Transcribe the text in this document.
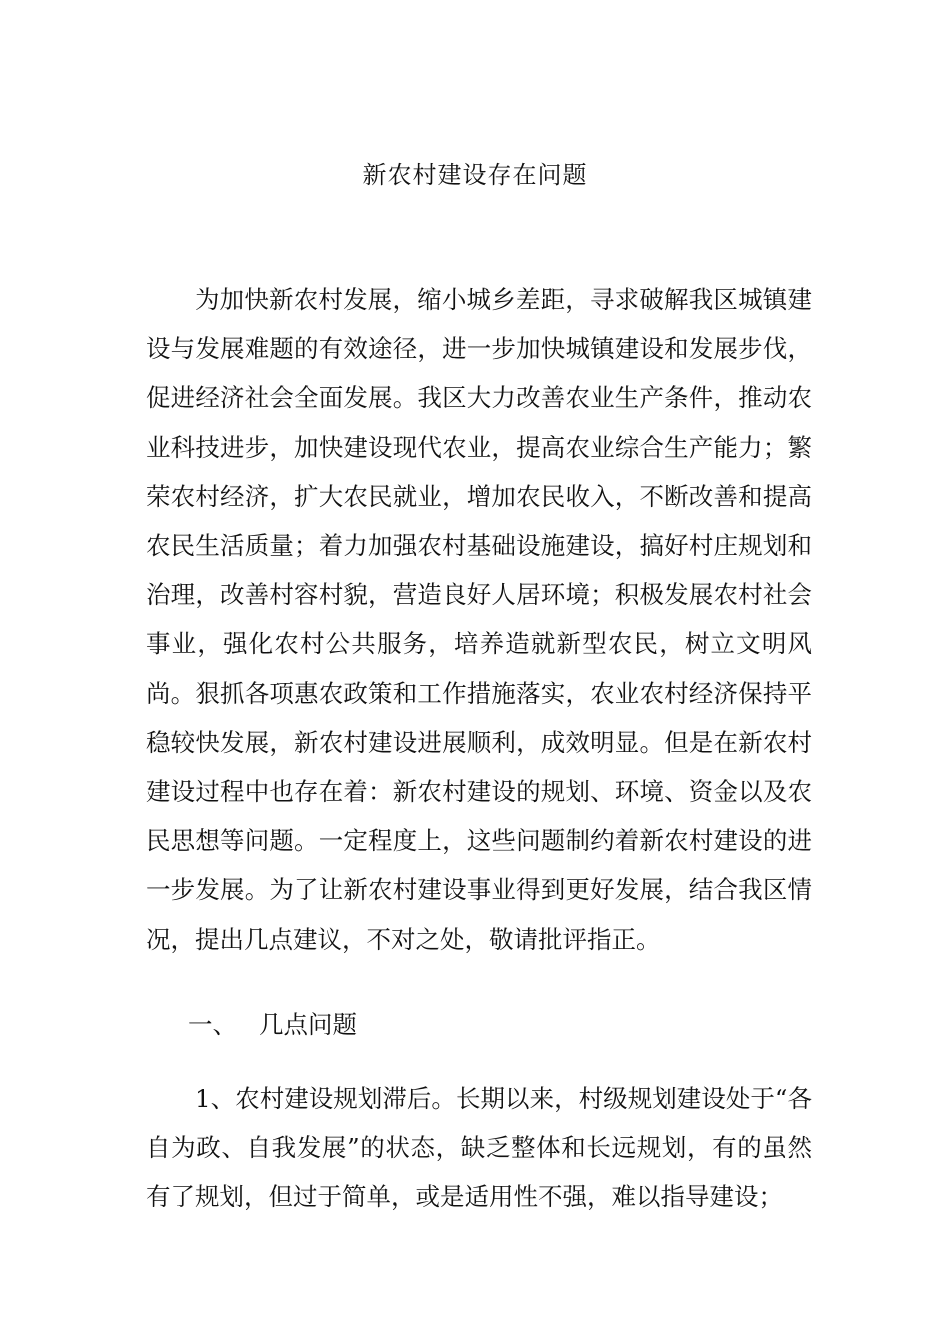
新农村建设存在问题

为加快新农村发展，缩小城乡差距，寻求破解我区城镇建设与发展难题的有效途径，进一步加快城镇建设和发展步伐，促进经济社会全面发展。我区大力改善农业生产条件，推动农业科技进步，加快建设现代农业，提高农业综合生产能力；繁荣农村经济，扩大农民就业，增加农民收入，不断改善和提高农民生活质量；着力加强农村基础设施建设，搞好村庄规划和治理，改善村容村貌，营造良好人居环境；积极发展农村社会事业，强化农村公共服务，培养造就新型农民，树立文明风尚。狠抓各项惠农政策和工作措施落实，农业农村经济保持平稳较快发展，新农村建设进展顺利，成效明显。但是在新农村建设过程中也存在着：新农村建设的规划、环境、资金以及农民思想等问题。一定程度上，这些问题制约着新农村建设的进一步发展。为了让新农村建设事业得到更好发展，结合我区情况，提出几点建议，不对之处，敬请批评指正。

一、 几点问题

1、农村建设规划滞后。长期以来，村级规划建设处于“各自为政、自我发展”的状态，缺乏整体和长远规划，有的虽然有了规划，但过于简单，或是适用性不强，难以指导建设；
